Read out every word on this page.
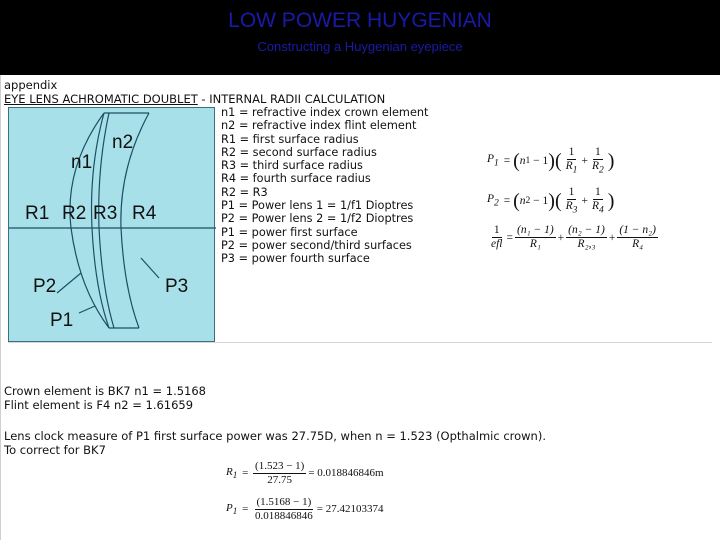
LOW POWER HUYGENIAN
Constructing a Huygenian eyepiece
appendix
EYE LENS ACHROMATIC DOUBLET - INTERNAL RADII CALCULATION
n2
n1
R1 R2 R3 R4
P2	P3
P1
n1 = refractive index crown element
n2 = refractive index flint element
R1 = first surface radius
R2 = second surface radius
R3 = third surface radius
R4 = fourth surface radius
R2 = R3
P1 = Power lens 1 = 1/f1 Dioptres
P2 = Power lens 2 = 1/f2 Dioptres
P1 = power first surface
P2 = power second/third surfaces
P3 = power fourth surface
$P_1$ = ( n 1 − 1 ) ( $\frac{1}{R_1} + \frac{1}{R_2}$ )
$P_2$ = ( n 2 − 1 ) ( $\frac{1}{R_3} + \frac{1}{R_4}$ )
$\frac{1}{\text{efl}} = \frac{\text{(n₁ − 1)}}{\text{R₁}} + \frac{\text{(n₂ − 1)}}{\text{R₂,₃}} + \frac{\text{(1 − n₂)}}{\text{R₄}}$
Crown element is BK7 n1 = 1.5168
Flint element is F4 n2 = 1.61659
Lens clock measure of P1 first surface power was 27.75D, when n = 1.523 (Opthalmic crown).
To correct for BK7
$R_1 = \frac{(1.523 - 1)}{27.75} = 0.018846846m$
$P_1 = \frac{(1.5168 - 1)}{0.018846846} = 27.42103374$
